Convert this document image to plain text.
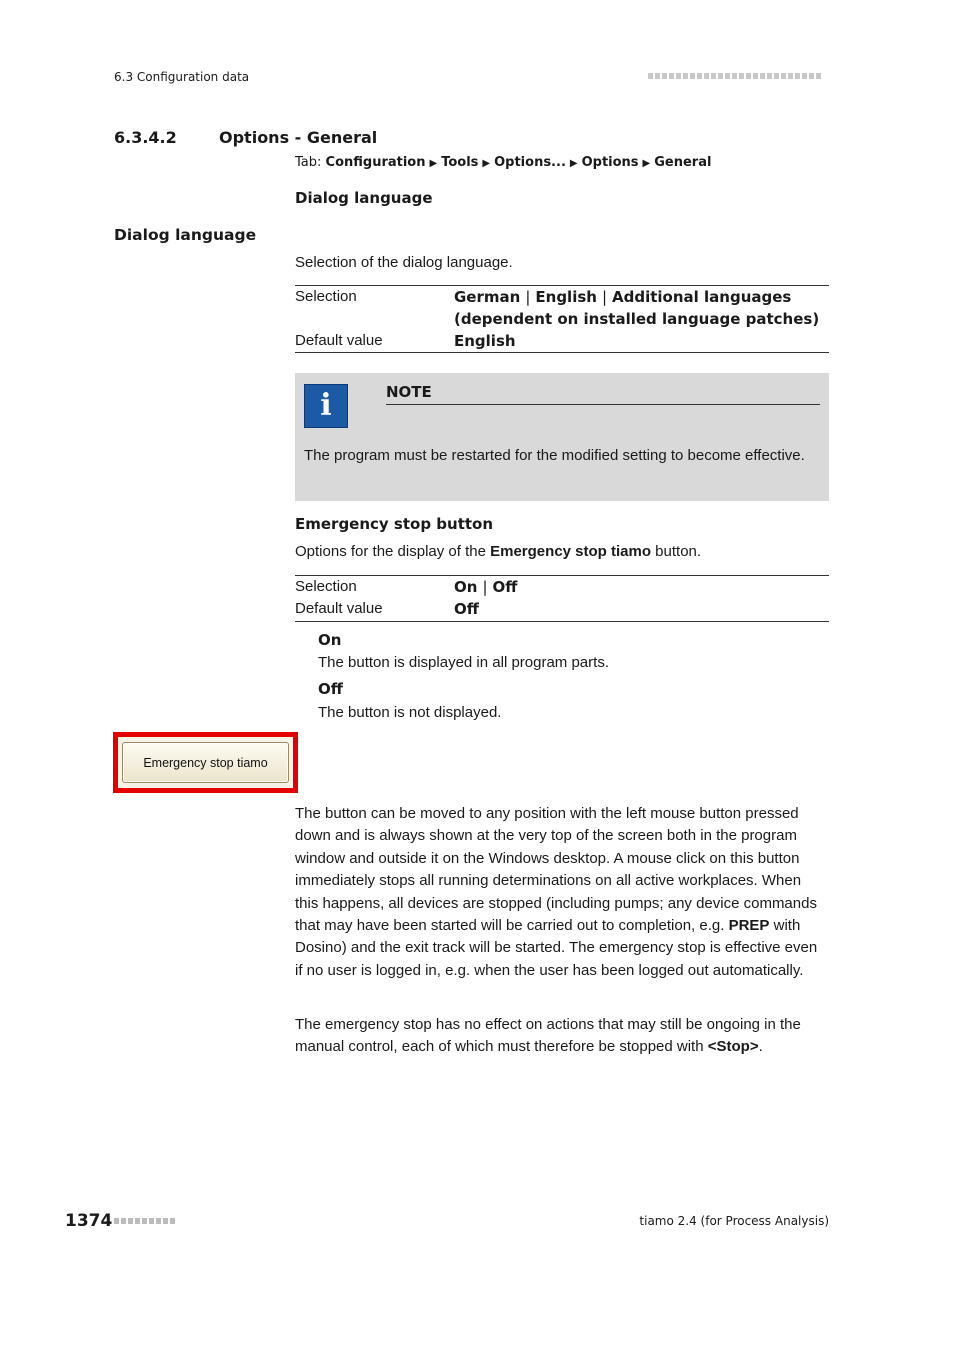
6.3 Configuration data
6.3.4.2	Options - General
Tab: Configuration ▶ Tools ▶ Options... ▶ Options ▶ General
Dialog language
Dialog language
Selection of the dialog language.
Selection	German | English | Additional languages
(dependent on installed language patches)
Default value	English
i	NOTE
The program must be restarted for the modified setting to become effective.
Emergency stop button
Options for the display of the Emergency stop tiamo button.
Selection	On | Off
Default value	Off
On
The button is displayed in all program parts.
Off
The button is not displayed.
Emergency stop tiamo
The button can be moved to any position with the left mouse button pressed down and is always shown at the very top of the screen both in the program window and outside it on the Windows desktop. A mouse click on this button immediately stops all running determinations on all active workplaces. When this happens, all devices are stopped (including pumps; any device commands that may have been started will be carried out to completion, e.g. PREP with Dosino) and the exit track will be started. The emergency stop is effective even if no user is logged in, e.g. when the user has been logged out automatically.
The emergency stop has no effect on actions that may still be ongoing in the manual control, each of which must therefore be stopped with <Stop>.
1374	tiamo 2.4 (for Process Analysis)
